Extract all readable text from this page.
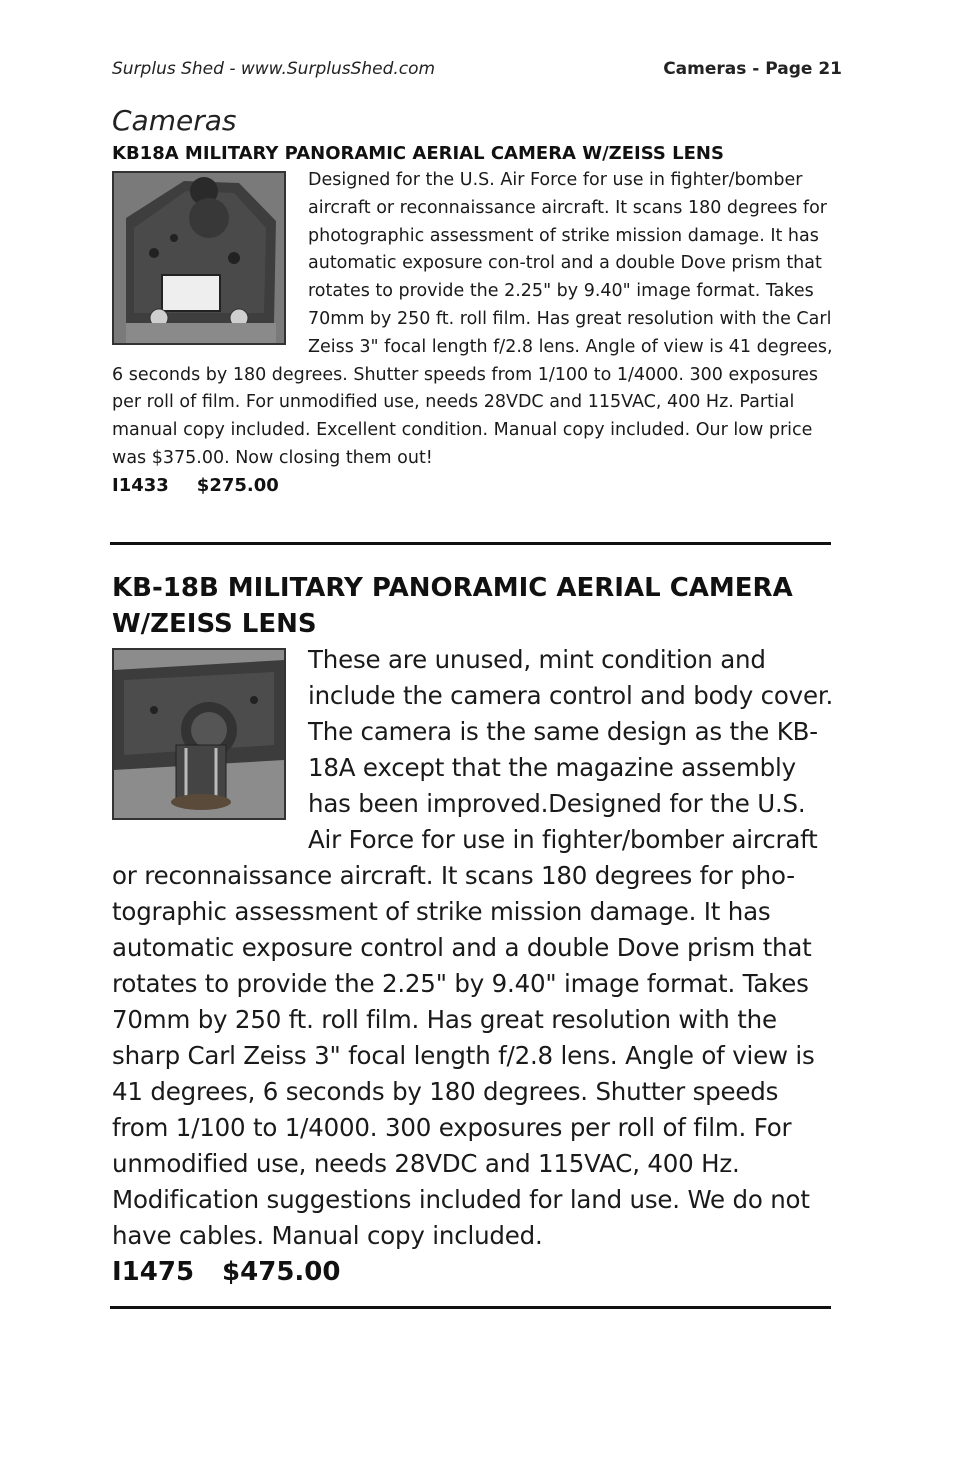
Surplus Shed - www.SurplusShed.com	Cameras - Page 21
Cameras
KB18A MILITARY PANORAMIC AERIAL CAMERA W/ZEISS LENS

Designed for the U.S. Air Force for use in fighter/bomber aircraft or reconnaissance aircraft. It scans 180 degrees for photographic assessment of strike mission damage. It has automatic exposure con-trol and a double Dove prism that rotates to provide the 2.25" by 9.40" image format. Takes 70mm by 250 ft. roll film. Has great resolution with the Carl Zeiss 3" focal length f/2.8 lens. Angle of view is 41 degrees, 6 seconds by 180 degrees. Shutter speeds from 1/100 to 1/4000. 300 exposures per roll of film. For unmodified use, needs 28VDC and 115VAC, 400 Hz. Partial manual copy included. Excellent condition. Manual copy included. Our low price was $375.00. Now closing them out!

I1433 $275.00
KB-18B MILITARY PANORAMIC AERIAL CAMERA W/ZEISS LENS

These are unused, mint condition and include the camera control and body cover. The camera is the same design as the KB-18A except that the magazine assembly has been improved.Designed for the U.S. Air Force for use in fighter/bomber aircraft or reconnaissance aircraft. It scans 180 degrees for pho-tographic assessment of strike mission damage. It has automatic exposure control and a double Dove prism that rotates to provide the 2.25" by 9.40" image format. Takes 70mm by 250 ft. roll film. Has great resolution with the sharp Carl Zeiss 3" focal length f/2.8 lens. Angle of view is 41 degrees, 6 seconds by 180 degrees. Shutter speeds from 1/100 to 1/4000. 300 exposures per roll of film. For unmodified use, needs 28VDC and 115VAC, 400 Hz. Modification suggestions included for land use. We do not have cables. Manual copy included.

I1475 $475.00
